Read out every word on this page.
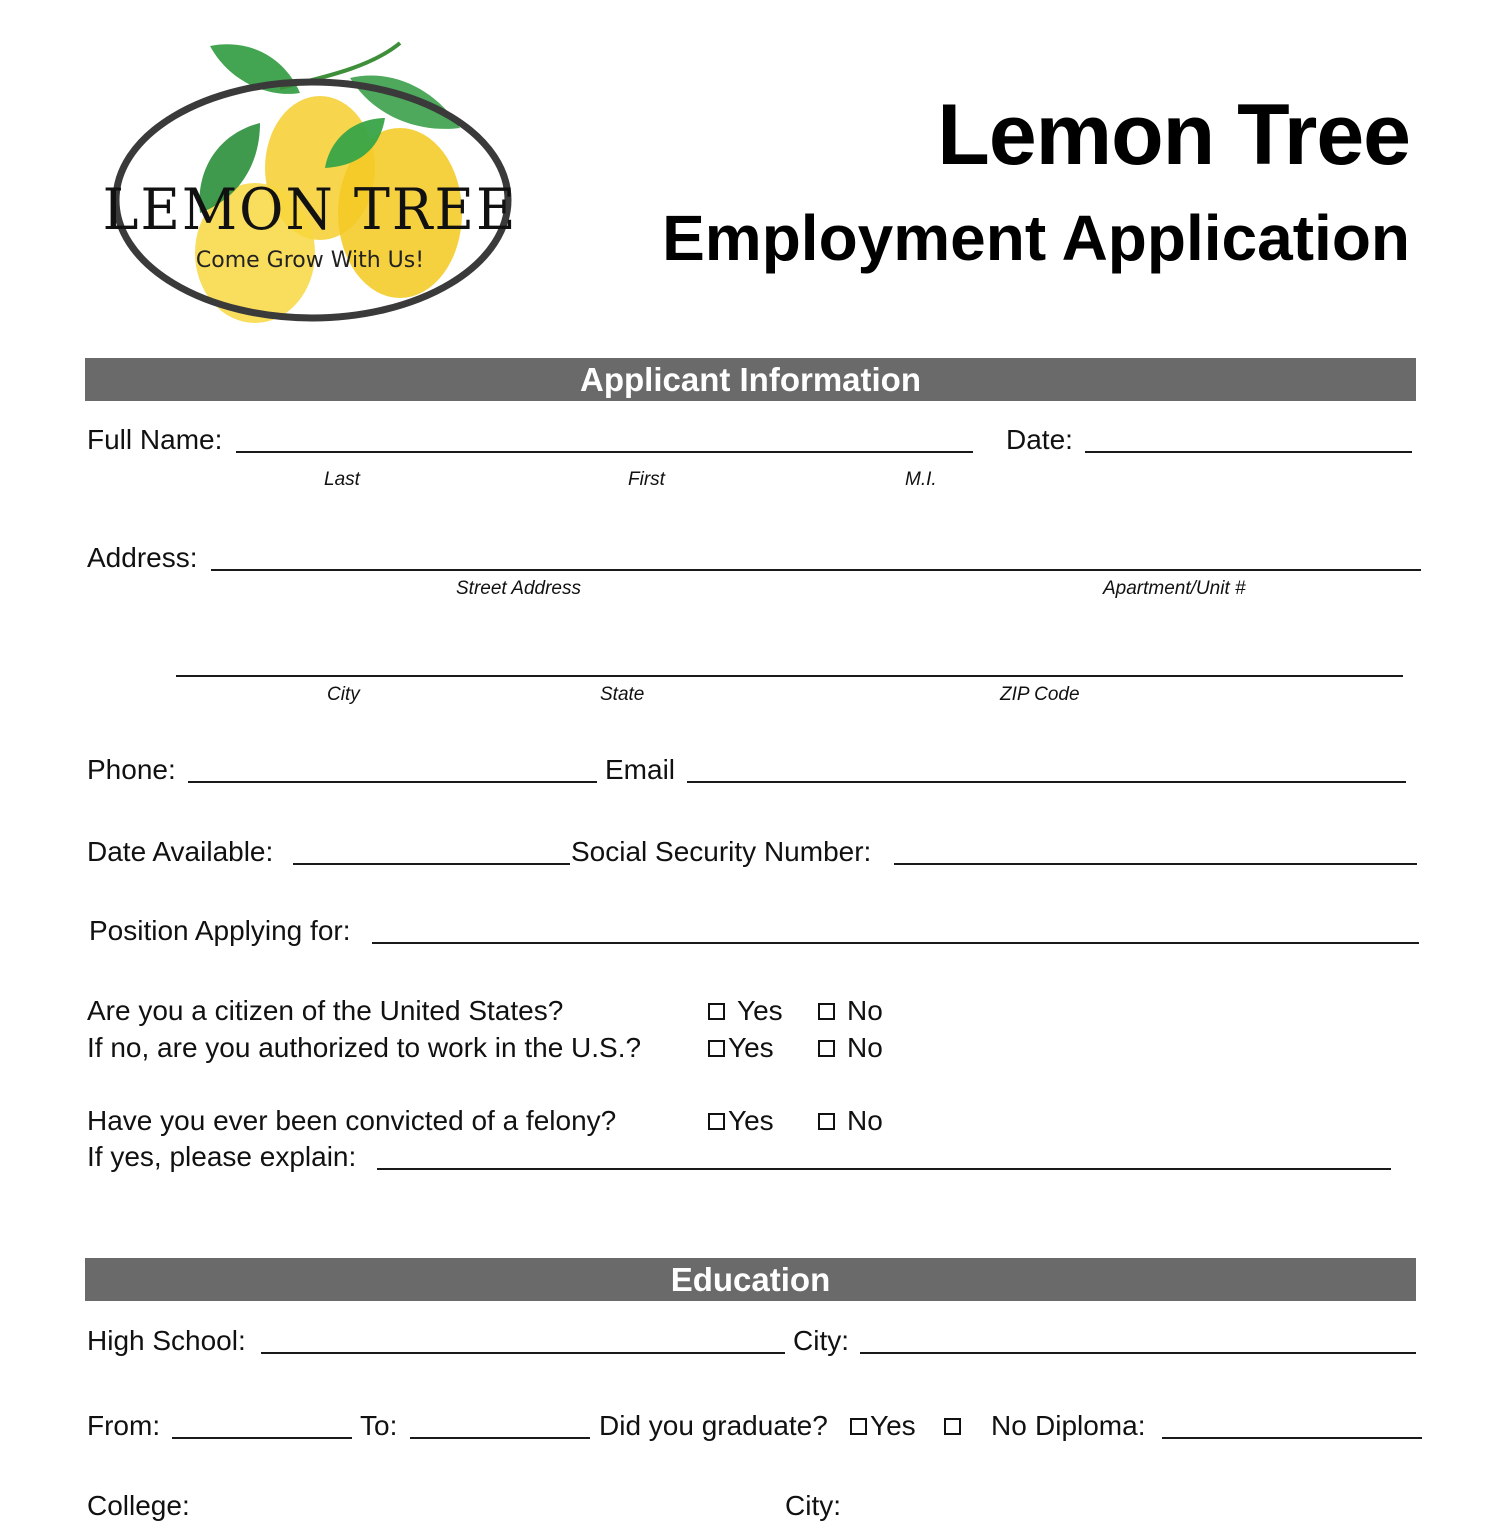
LEMON TREE
Come Grow With Us!
Lemon Tree
Employment Application
Applicant Information
Full Name:	Date:
Last	First	M.I.
Address:
Street Address	Apartment/Unit #
City	State	ZIP Code
Phone:	Email
Date Available:	Social Security Number:
Position Applying for:
Are you a citizen of the United States?	Yes No
If no, are you authorized to work in the U.S.?	Yes	No
Have you ever been convicted of a felony?	Yes	No
If yes, please explain:
Education
High School:	City:
From:	To:	Did you graduate? Yes	No Diploma:
College:	City:
